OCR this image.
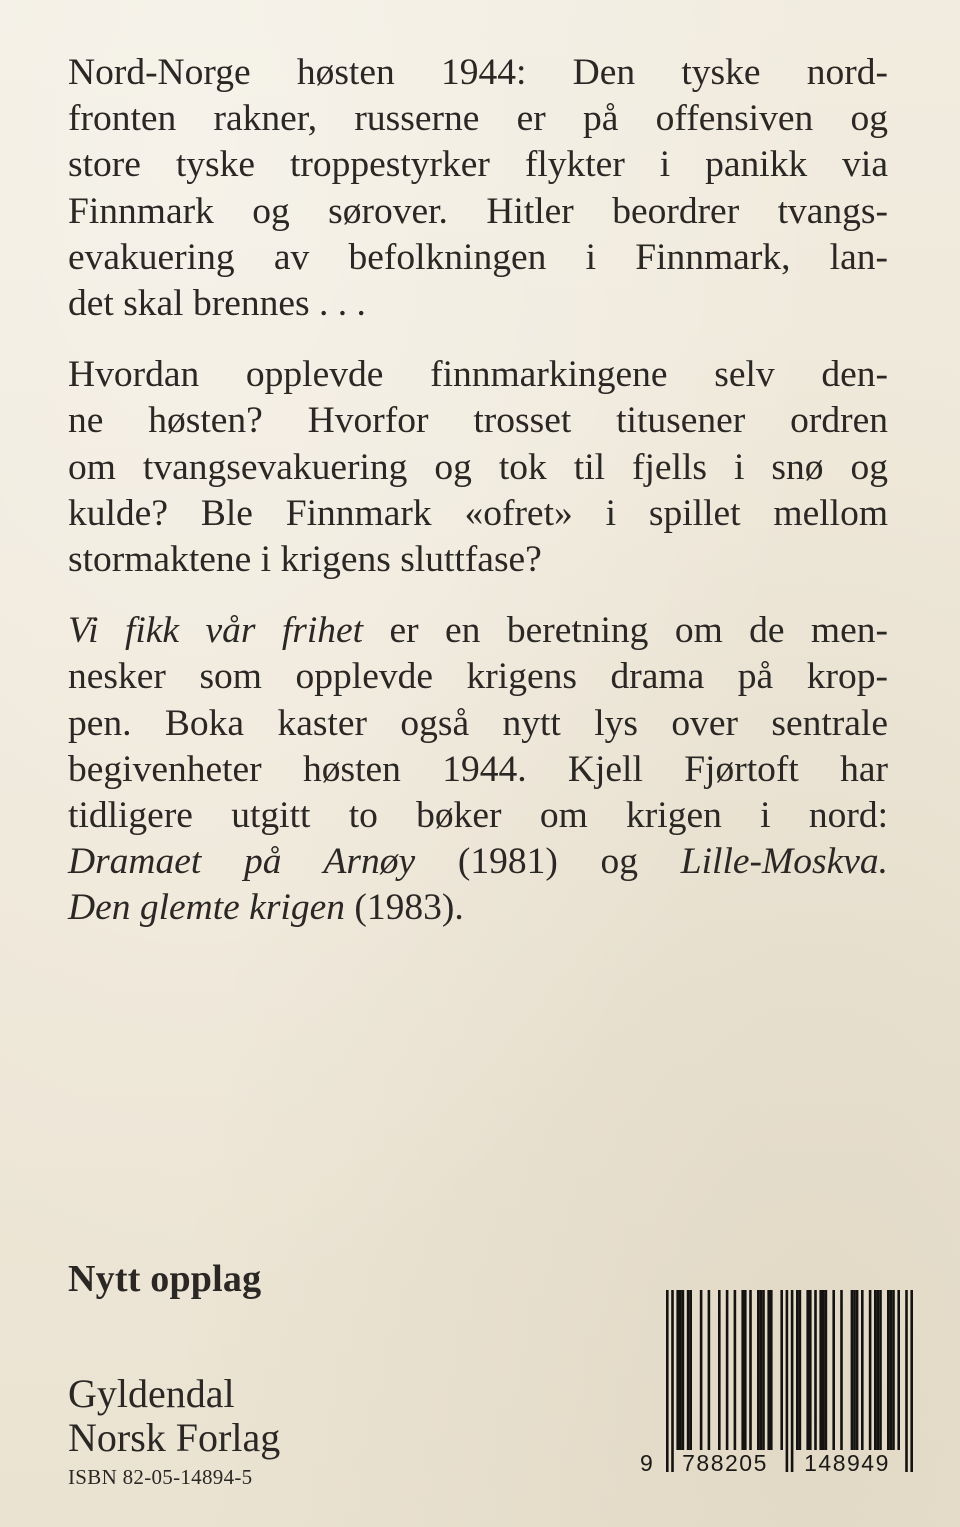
Nord-Norge høsten 1944: Den tyske nord-
fronten rakner, russerne er på offensiven og
store tyske troppestyrker flykter i panikk via
Finnmark og sørover. Hitler beordrer tvangs-
evakuering av befolkningen i Finnmark, lan-
det skal brennes . . .

Hvordan opplevde finnmarkingene selv den-
ne høsten? Hvorfor trosset titusener ordren
om tvangsevakuering og tok til fjells i snø og
kulde? Ble Finnmark «ofret» i spillet mellom
stormaktene i krigens sluttfase?

Vi fikk vår frihet er en beretning om de men-
nesker som opplevde krigens drama på krop-
pen. Boka kaster også nytt lys over sentrale
begivenheter høsten 1944. Kjell Fjørtoft har
tidligere utgitt to bøker om krigen i nord:
Dramaet på Arnøy (1981) og Lille-Moskva.
Den glemte krigen (1983).

Nytt opplag
Gyldendal
Norsk Forlag
ISBN 82-05-14894-5
9	788205	148949
